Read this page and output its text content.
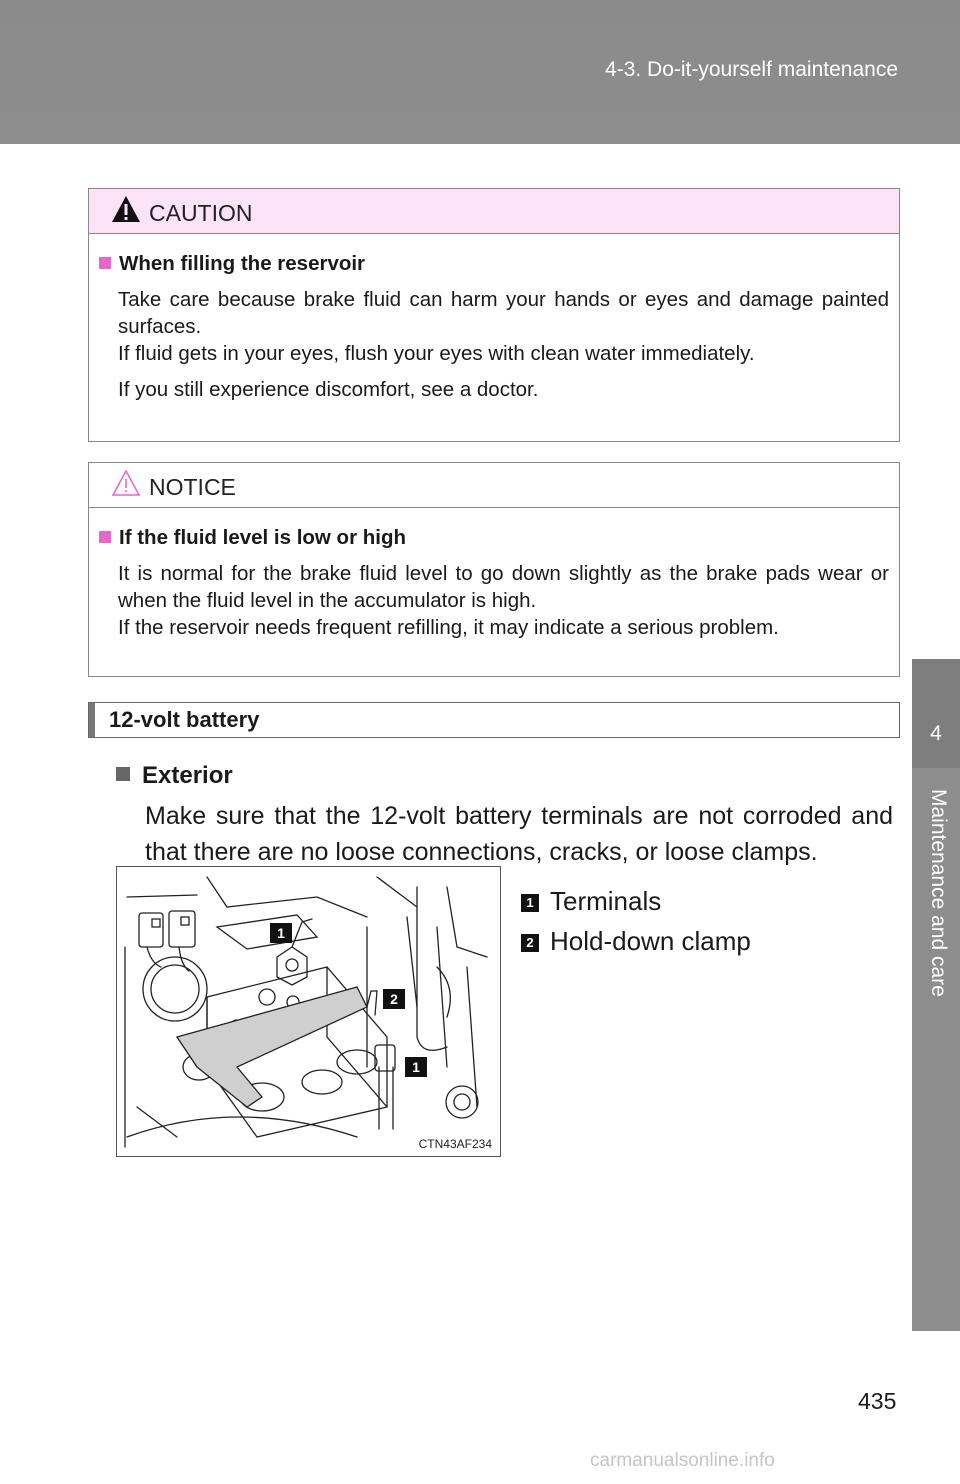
4-3. Do-it-yourself maintenance
4
Maintenance and care
CAUTION
When filling the reservoir
Take care because brake fluid can harm your hands or eyes and damage painted surfaces.
If fluid gets in your eyes, flush your eyes with clean water immediately.
If you still experience discomfort, see a doctor.
NOTICE
If the fluid level is low or high
It is normal for the brake fluid level to go down slightly as the brake pads wear or when the fluid level in the accumulator is high.
If the reservoir needs frequent refilling, it may indicate a serious problem.
12-volt battery
Exterior
Make sure that the 12-volt battery terminals are not corroded and that there are no loose connections, cracks, or loose clamps.
1
2
1
CTN43AF234
1 Terminals
2 Hold-down clamp
435
carmanualsonline.info
